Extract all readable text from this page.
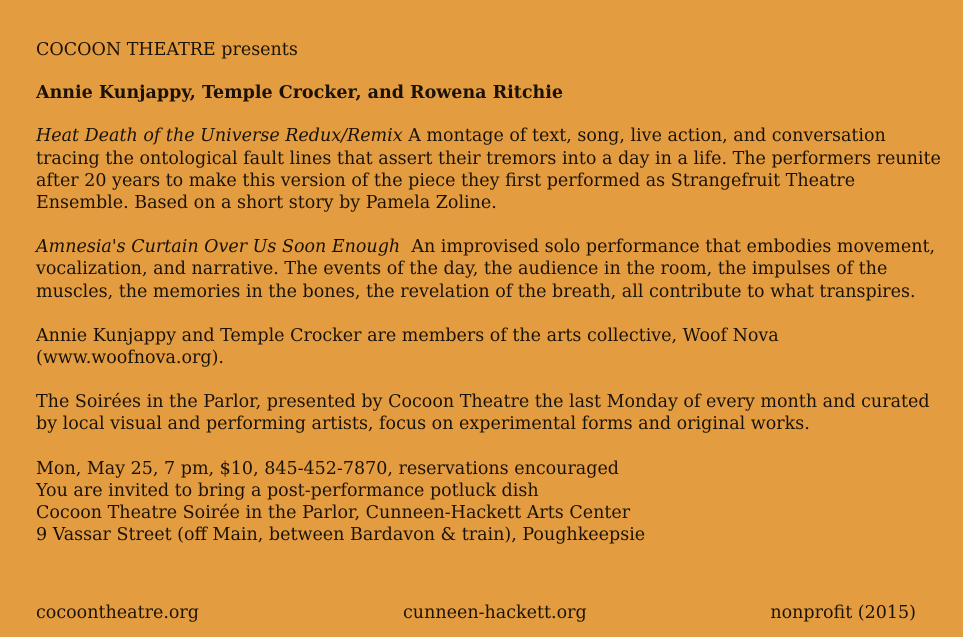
COCOON THEATRE presents
Annie Kunjappy, Temple Crocker, and Rowena Ritchie

Heat Death of the Universe Redux/Remix A montage of text, song, live action, and conversation tracing the ontological fault lines that assert their tremors into a day in a life. The performers reunite after 20 years to make this version of the piece they first performed as Strangefruit Theatre Ensemble. Based on a short story by Pamela Zoline.

Amnesia's Curtain Over Us Soon Enough  An improvised solo performance that embodies movement, vocalization, and narrative. The events of the day, the audience in the room, the impulses of the muscles, the memories in the bones, the revelation of the breath, all contribute to what transpires.

Annie Kunjappy and Temple Crocker are members of the arts collective, Woof Nova (www.woofnova.org).

The Soirées in the Parlor, presented by Cocoon Theatre the last Monday of every month and curated by local visual and performing artists, focus on experimental forms and original works.

Mon, May 25, 7 pm, $10, 845-452-7870, reservations encouraged
You are invited to bring a post-performance potluck dish
Cocoon Theatre Soirée in the Parlor, Cunneen-Hackett Arts Center
9 Vassar Street (off Main, between Bardavon & train), Poughkeepsie
cocoontheatre.org	cunneen-hackett.org	nonprofit (2015)
